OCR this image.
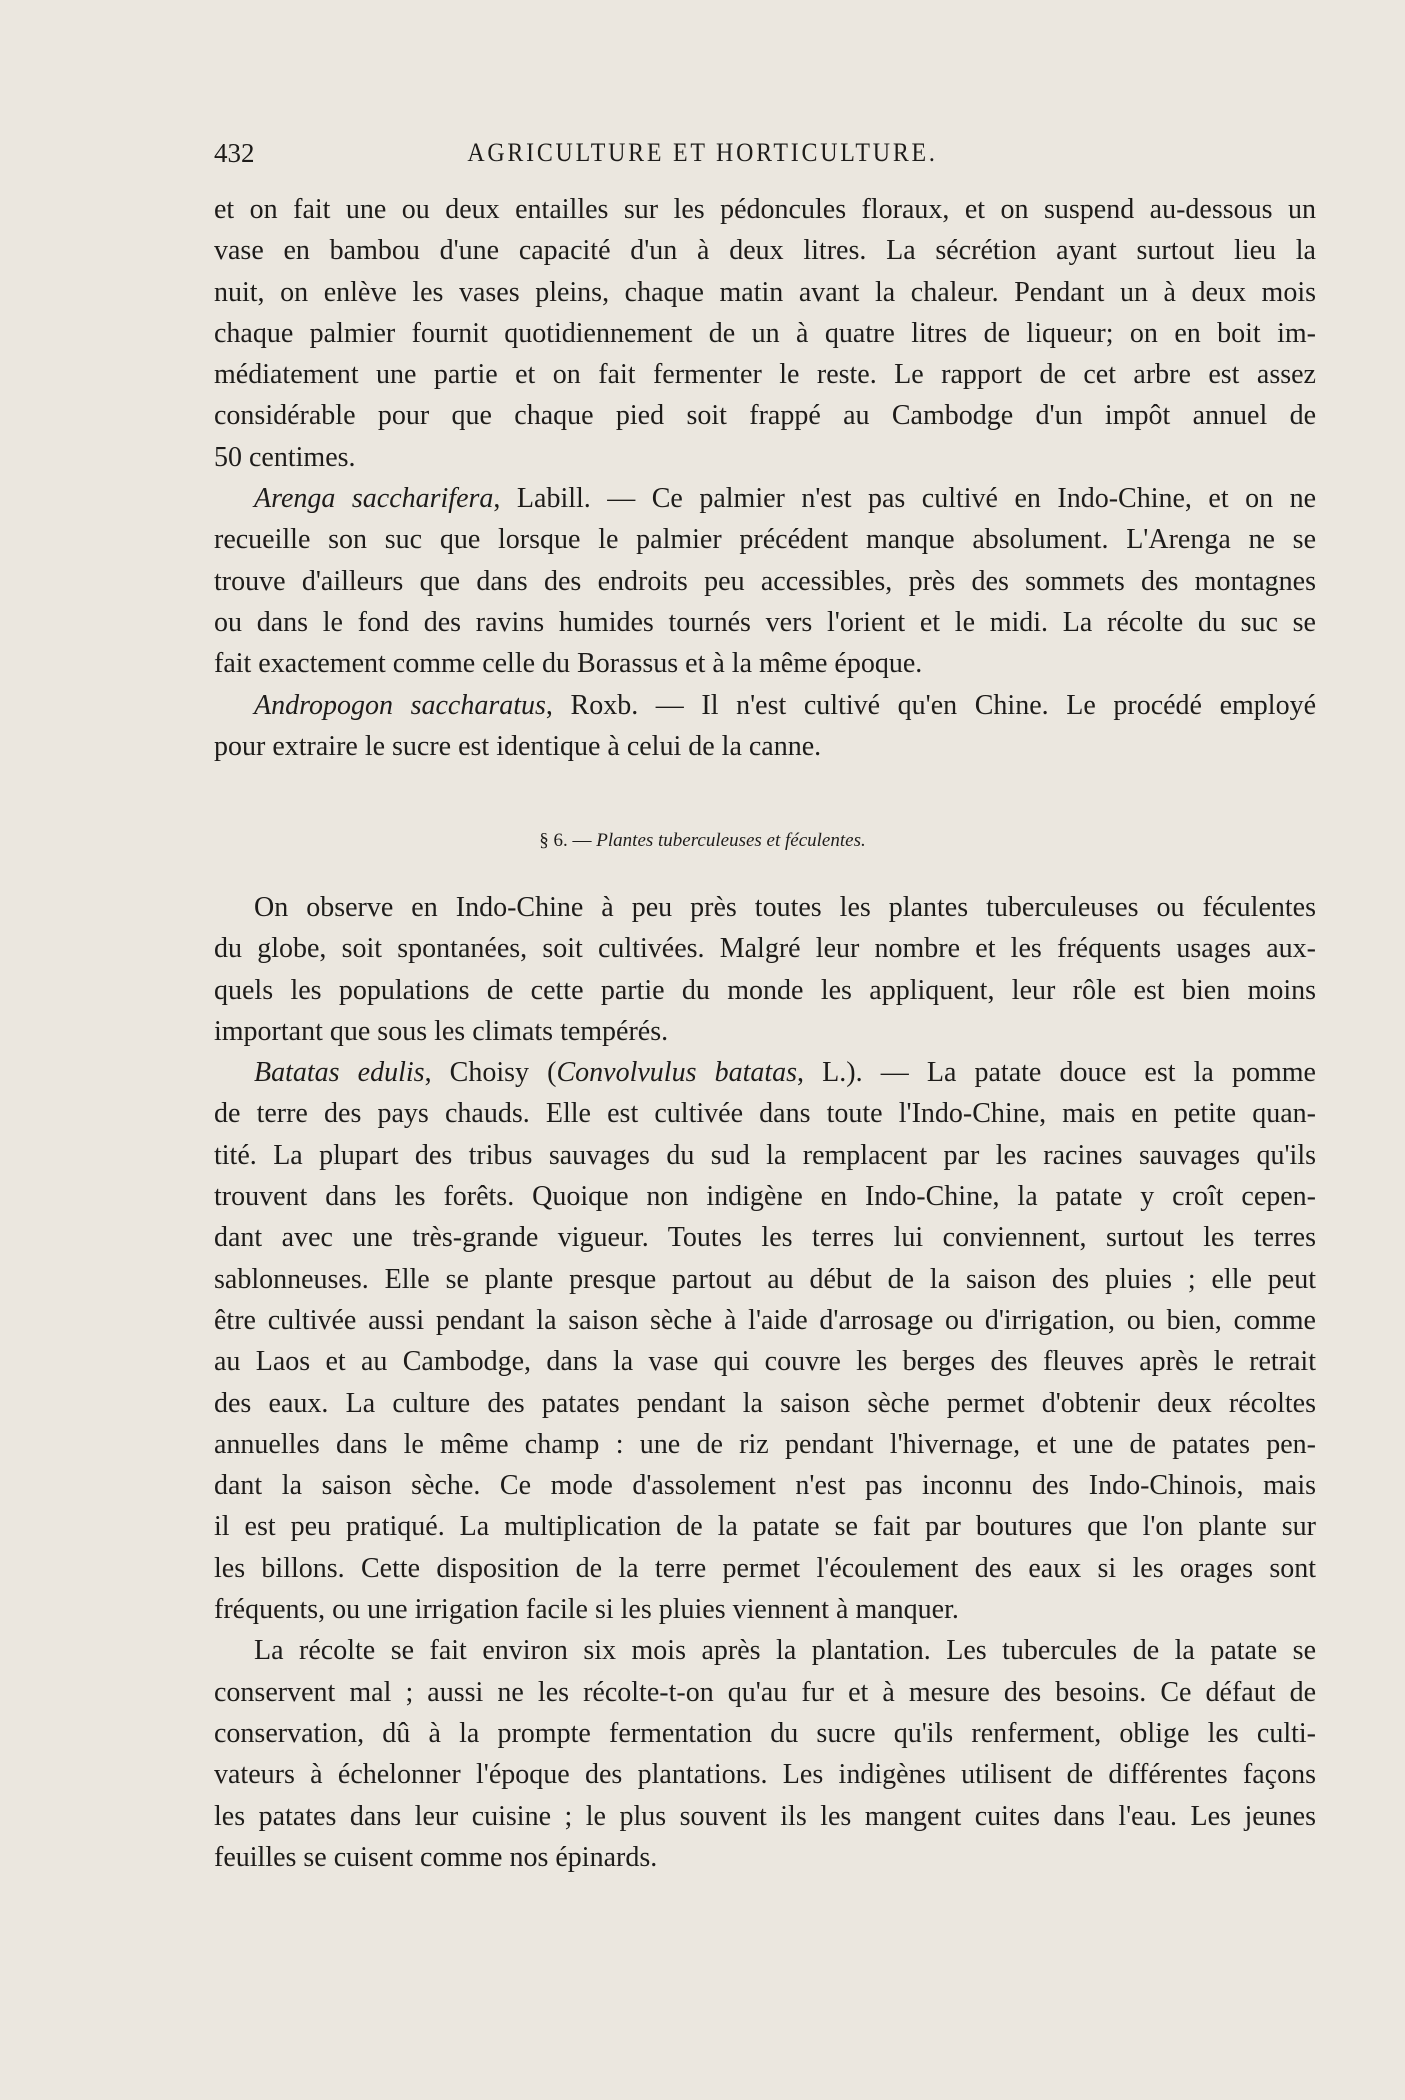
432	AGRICULTURE ET HORTICULTURE.
et on fait une ou deux entailles sur les pédoncules floraux, et on suspend au-dessous un
vase en bambou d'une capacité d'un à deux litres. La sécrétion ayant surtout lieu la
nuit, on enlève les vases pleins, chaque matin avant la chaleur. Pendant un à deux mois
chaque palmier fournit quotidiennement de un à quatre litres de liqueur; on en boit im-
médiatement une partie et on fait fermenter le reste. Le rapport de cet arbre est assez
considérable pour que chaque pied soit frappé au Cambodge d'un impôt annuel de
50 centimes.
Arenga saccharifera, Labill. — Ce palmier n'est pas cultivé en Indo-Chine, et on ne
recueille son suc que lorsque le palmier précédent manque absolument. L'Arenga ne se
trouve d'ailleurs que dans des endroits peu accessibles, près des sommets des montagnes
ou dans le fond des ravins humides tournés vers l'orient et le midi. La récolte du suc se
fait exactement comme celle du Borassus et à la même époque.
Andropogon saccharatus, Roxb. — Il n'est cultivé qu'en Chine. Le procédé employé
pour extraire le sucre est identique à celui de la canne.
§ 6. — Plantes tuberculeuses et féculentes.
On observe en Indo-Chine à peu près toutes les plantes tuberculeuses ou féculentes
du globe, soit spontanées, soit cultivées. Malgré leur nombre et les fréquents usages aux-
quels les populations de cette partie du monde les appliquent, leur rôle est bien moins
important que sous les climats tempérés.
Batatas edulis, Choisy (Convolvulus batatas, L.). — La patate douce est la pomme
de terre des pays chauds. Elle est cultivée dans toute l'Indo-Chine, mais en petite quan-
tité. La plupart des tribus sauvages du sud la remplacent par les racines sauvages qu'ils
trouvent dans les forêts. Quoique non indigène en Indo-Chine, la patate y croît cepen-
dant avec une très-grande vigueur. Toutes les terres lui conviennent, surtout les terres
sablonneuses. Elle se plante presque partout au début de la saison des pluies ; elle peut
être cultivée aussi pendant la saison sèche à l'aide d'arrosage ou d'irrigation, ou bien, comme
au Laos et au Cambodge, dans la vase qui couvre les berges des fleuves après le retrait
des eaux. La culture des patates pendant la saison sèche permet d'obtenir deux récoltes
annuelles dans le même champ : une de riz pendant l'hivernage, et une de patates pen-
dant la saison sèche. Ce mode d'assolement n'est pas inconnu des Indo-Chinois, mais
il est peu pratiqué. La multiplication de la patate se fait par boutures que l'on plante sur
les billons. Cette disposition de la terre permet l'écoulement des eaux si les orages sont
fréquents, ou une irrigation facile si les pluies viennent à manquer.
La récolte se fait environ six mois après la plantation. Les tubercules de la patate se
conservent mal ; aussi ne les récolte-t-on qu'au fur et à mesure des besoins. Ce défaut de
conservation, dû à la prompte fermentation du sucre qu'ils renferment, oblige les culti-
vateurs à échelonner l'époque des plantations. Les indigènes utilisent de différentes façons
les patates dans leur cuisine ; le plus souvent ils les mangent cuites dans l'eau. Les jeunes
feuilles se cuisent comme nos épinards.
